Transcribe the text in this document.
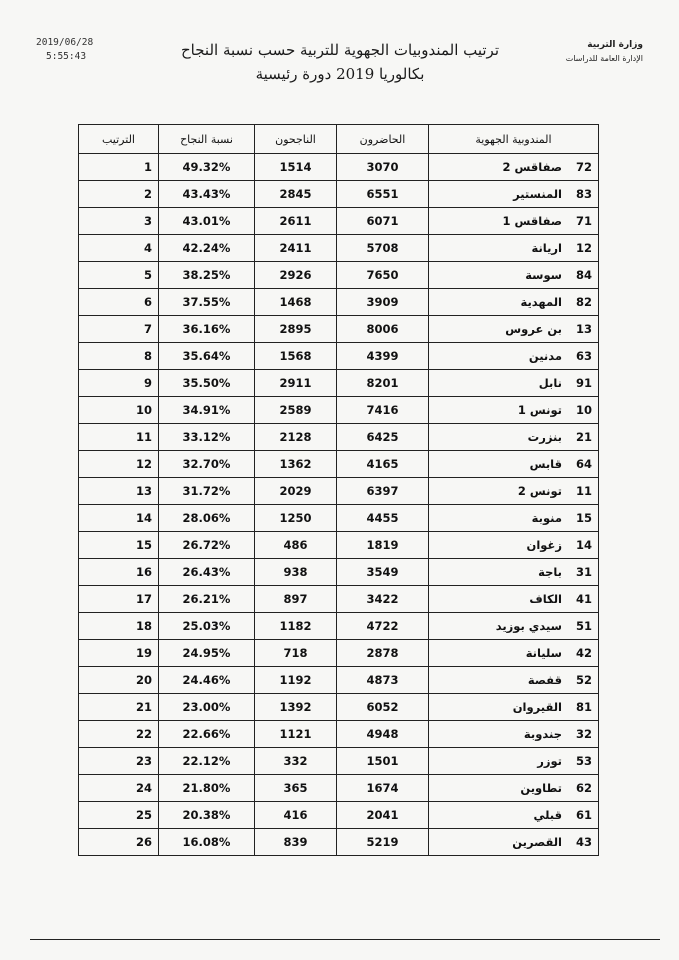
2019/06/28
5:55:43
وزارة التربية
الإدارة العامة للدراسات
ترتيب المندوبيات الجهوية للتربية حسب نسبة النجاح
بكالوريا 2019 دورة رئيسية
المندوبية الجهوية	الحاضرون	الناجحون	نسبة النجاح	الترتيب
72صفاقس 2	3070	1514	49.32%	1
83المنستير	6551	2845	43.43%	2
71صفاقس 1	6071	2611	43.01%	3
12اريانة	5708	2411	42.24%	4
84سوسة	7650	2926	38.25%	5
82المهدية	3909	1468	37.55%	6
13بن عروس	8006	2895	36.16%	7
63مدنين	4399	1568	35.64%	8
91نابل	8201	2911	35.50%	9
10تونس 1	7416	2589	34.91%	10
21بنزرت	6425	2128	33.12%	11
64قابس	4165	1362	32.70%	12
11تونس 2	6397	2029	31.72%	13
15منوبة	4455	1250	28.06%	14
14زغوان	1819	486	26.72%	15
31باجة	3549	938	26.43%	16
41الكاف	3422	897	26.21%	17
51سيدي بوزيد	4722	1182	25.03%	18
42سليانة	2878	718	24.95%	19
52قفصة	4873	1192	24.46%	20
81القيروان	6052	1392	23.00%	21
32جندوبة	4948	1121	22.66%	22
53توزر	1501	332	22.12%	23
62تطاوين	1674	365	21.80%	24
61قبلي	2041	416	20.38%	25
43القصرين	5219	839	16.08%	26
